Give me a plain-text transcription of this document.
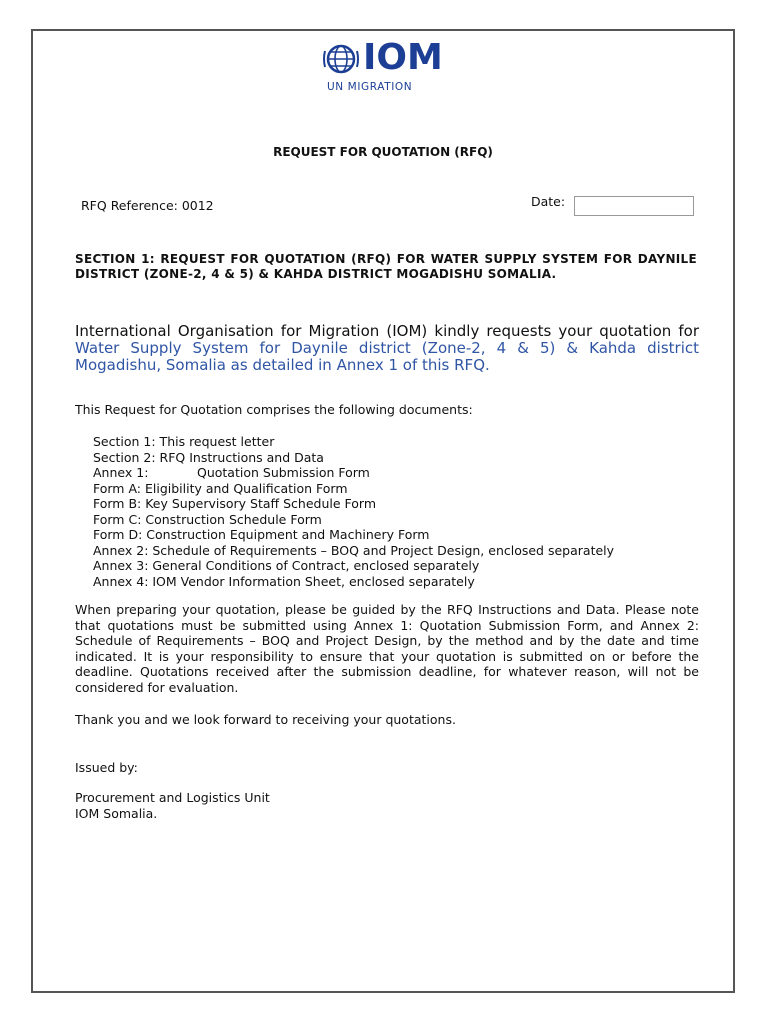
IOM
UN MIGRATION
REQUEST FOR QUOTATION (RFQ)
RFQ Reference: 0012	Date:
SECTION 1: REQUEST FOR QUOTATION (RFQ) FOR WATER SUPPLY SYSTEM FOR DAYNILE DISTRICT (ZONE-2, 4 & 5) & KAHDA DISTRICT MOGADISHU SOMALIA.
International Organisation for Migration (IOM) kindly requests your quotation for Water Supply System for Daynile district (Zone-2, 4 & 5) & Kahda district Mogadishu, Somalia as detailed in Annex 1 of this RFQ.
This Request for Quotation comprises the following documents:
Section 1: This request letter
Section 2: RFQ Instructions and Data
Annex 1:	Quotation Submission Form
Form A: Eligibility and Qualification Form
Form B: Key Supervisory Staff Schedule Form
Form C: Construction Schedule Form
Form D: Construction Equipment and Machinery Form
Annex 2: Schedule of Requirements – BOQ and Project Design, enclosed separately
Annex 3: General Conditions of Contract, enclosed separately
Annex 4: IOM Vendor Information Sheet, enclosed separately
When preparing your quotation, please be guided by the RFQ Instructions and Data. Please note that quotations must be submitted using Annex 1: Quotation Submission Form, and Annex 2: Schedule of Requirements – BOQ and Project Design, by the method and by the date and time indicated. It is your responsibility to ensure that your quotation is submitted on or before the deadline. Quotations received after the submission deadline, for whatever reason, will not be considered for evaluation.
Thank you and we look forward to receiving your quotations.
Issued by:
Procurement and Logistics Unit
IOM Somalia.
